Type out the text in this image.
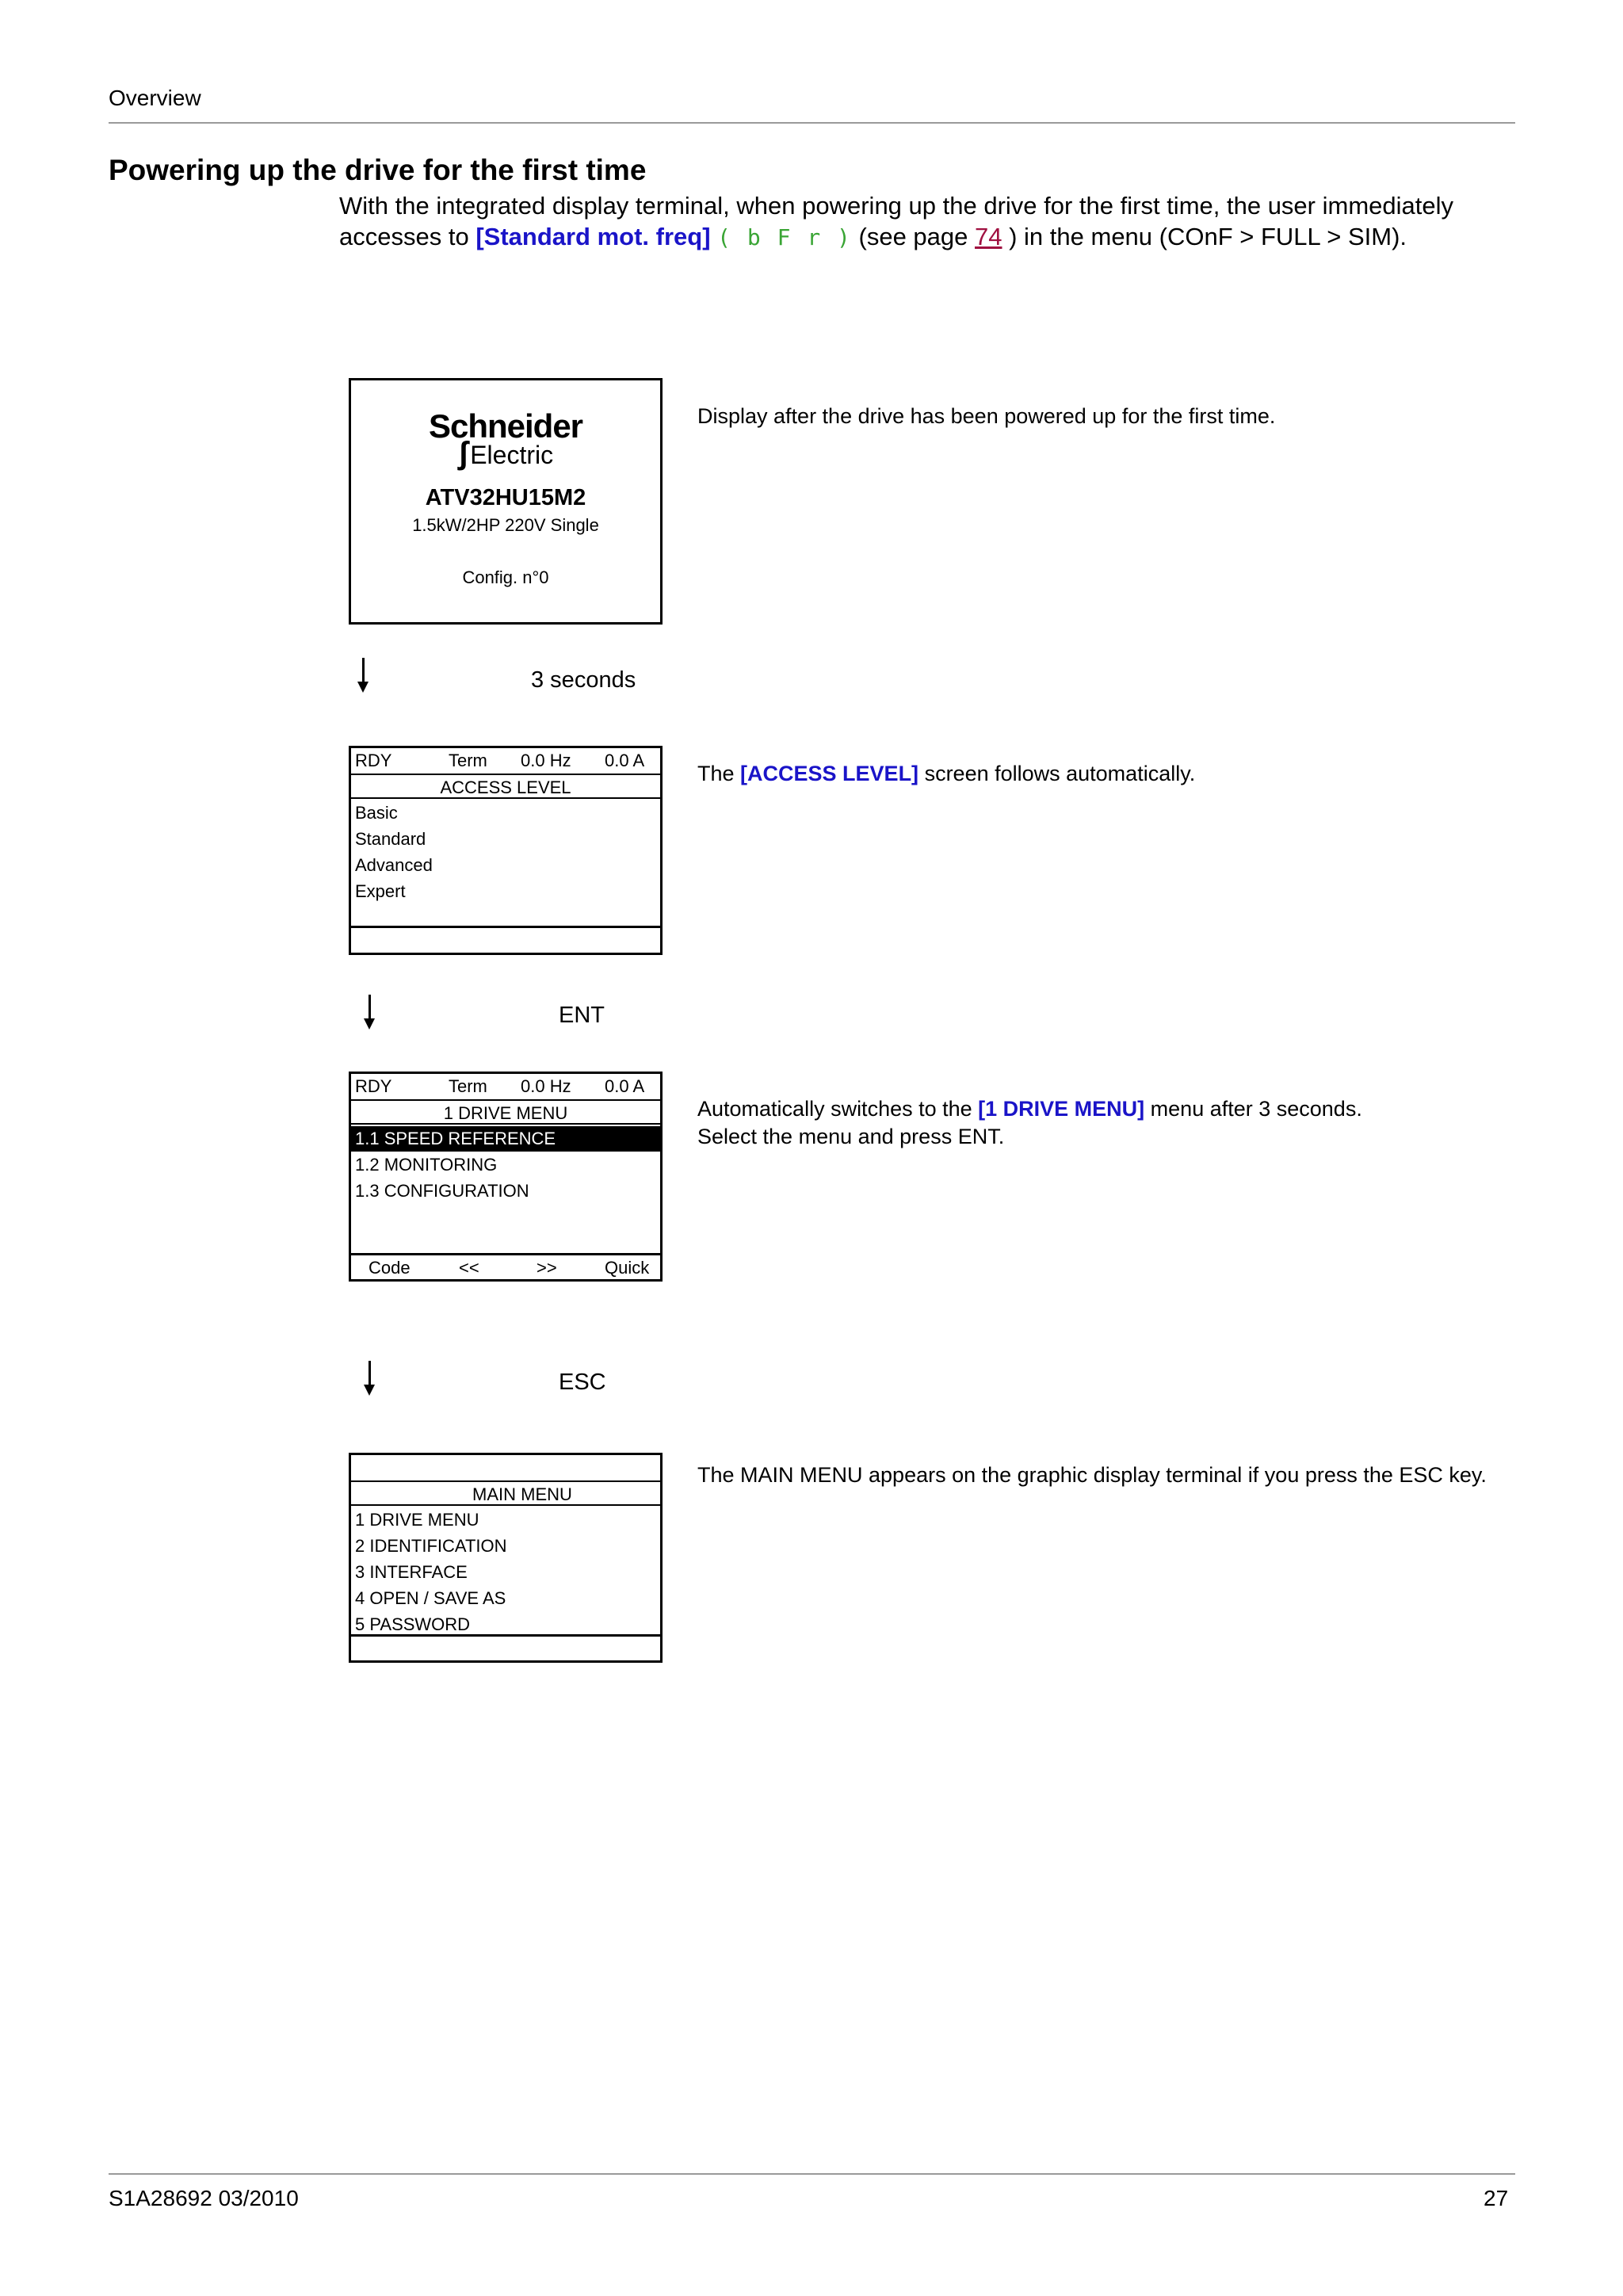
Overview
Powering up the drive for the first time
With the integrated display terminal, when powering up the drive for the first time, the user immediately accesses to [Standard mot. freq] ( b F r ) (see page 74 ) in the menu (COnF > FULL > SIM).
Schneider
ʃElectric
ATV32HU15M2
1.5kW/2HP 220V Single
Config. n°0
Display after the drive has been powered up for the first time.
3 seconds
RDY	Term 0.0 Hz 0.0 A
ACCESS LEVEL
Basic
Standard
Advanced
Expert
The [ACCESS LEVEL] screen follows automatically.
ENT
RDY	Term 0.0 Hz 0.0 A
1 DRIVE MENU
1.1 SPEED REFERENCE
1.2 MONITORING
1.3 CONFIGURATION
Code	<<	>>	Quick
Automatically switches to the [1 DRIVE MENU] menu after 3 seconds.
Select the menu and press ENT.
ESC
MAIN MENU
1 DRIVE MENU
2 IDENTIFICATION
3 INTERFACE
4 OPEN / SAVE AS
5 PASSWORD
The MAIN MENU appears on the graphic display terminal if you press the ESC key.
S1A28692 03/2010	27
